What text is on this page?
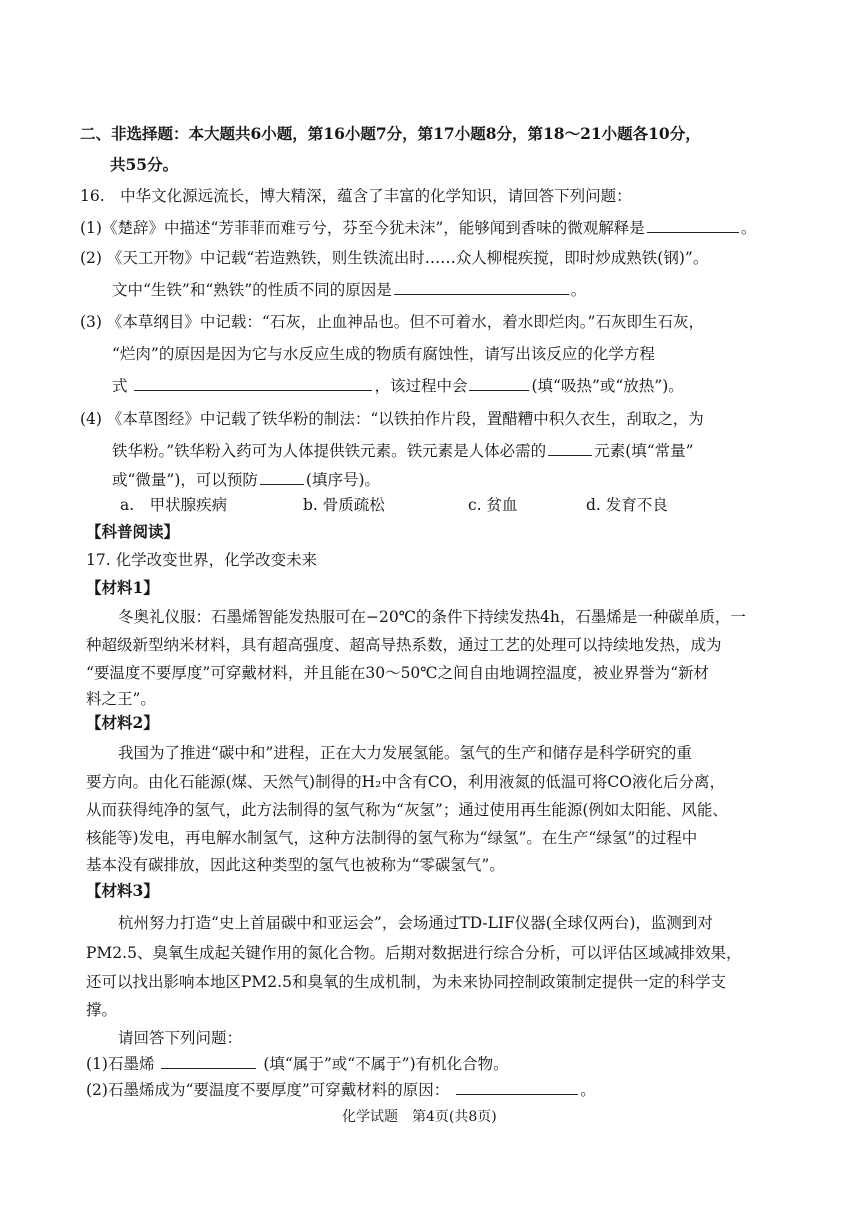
二、非选择题：本大题共6小题，第16小题7分，第17小题8分，第18～21小题各10分，
共55分。
16.　中华文化源远流长，博大精深，蕴含了丰富的化学知识，请回答下列问题：
(1)《楚辞》中描述“芳菲菲而难亏兮，芬至今犹未沫”，能够闻到香味的微观解释是	。
(2) 《天工开物》中记载“若造熟铁，则生铁流出时……众人柳棍疾搅，即时炒成熟铁(钢)”。
文中“生铁”和“熟铁”的性质不同的原因是	。
(3) 《本草纲目》中记载：“石灰，止血神品也。但不可着水，着水即烂肉。”石灰即生石灰，
“烂肉”的原因是因为它与水反应生成的物质有腐蚀性，请写出该反应的化学方程
式	，该过程中会	(填“吸热”或“放热”)。
(4) 《本草图经》中记载了铁华粉的制法：“以铁拍作片段，置醋糟中积久衣生，刮取之，为
铁华粉。”铁华粉入药可为人体提供铁元素。铁元素是人体必需的	元素(填“常量”
或“微量”)，可以预防	(填序号)。
a.　甲状腺疾病	b. 骨质疏松	c. 贫血	d. 发育不良
【科普阅读】
17. 化学改变世界，化学改变未来
【材料1】
冬奥礼仪服：石墨烯智能发热服可在−20℃的条件下持续发热4h，石墨烯是一种碳单质，一
种超级新型纳米材料，具有超高强度、超高导热系数，通过工艺的处理可以持续地发热，成为
“要温度不要厚度”可穿戴材料，并且能在30～50℃之间自由地调控温度，被业界誉为“新材
料之王”。
【材料2】
我国为了推进“碳中和”进程，正在大力发展氢能。氢气的生产和储存是科学研究的重
要方向。由化石能源(煤、天然气)制得的H₂中含有CO，利用液氮的低温可将CO液化后分离，
从而获得纯净的氢气，此方法制得的氢气称为“灰氢”；通过使用再生能源(例如太阳能、风能、
核能等)发电，再电解水制氢气，这种方法制得的氢气称为“绿氢”。在生产“绿氢”的过程中
基本没有碳排放，因此这种类型的氢气也被称为“零碳氢气”。
【材料3】
杭州努力打造“史上首届碳中和亚运会”，会场通过TD-LIF仪器(全球仅两台)，监测到对
PM2.5、臭氧生成起关键作用的氮化合物。后期对数据进行综合分析，可以评估区域减排效果，
还可以找出影响本地区PM2.5和臭氧的生成机制，为未来协同控制政策制定提供一定的科学支
撑。
请回答下列问题：
(1)石墨烯	(填“属于”或“不属于”)有机化合物。
(2)石墨烯成为“要温度不要厚度”可穿戴材料的原因：	。
化学试题　第4页(共8页)
